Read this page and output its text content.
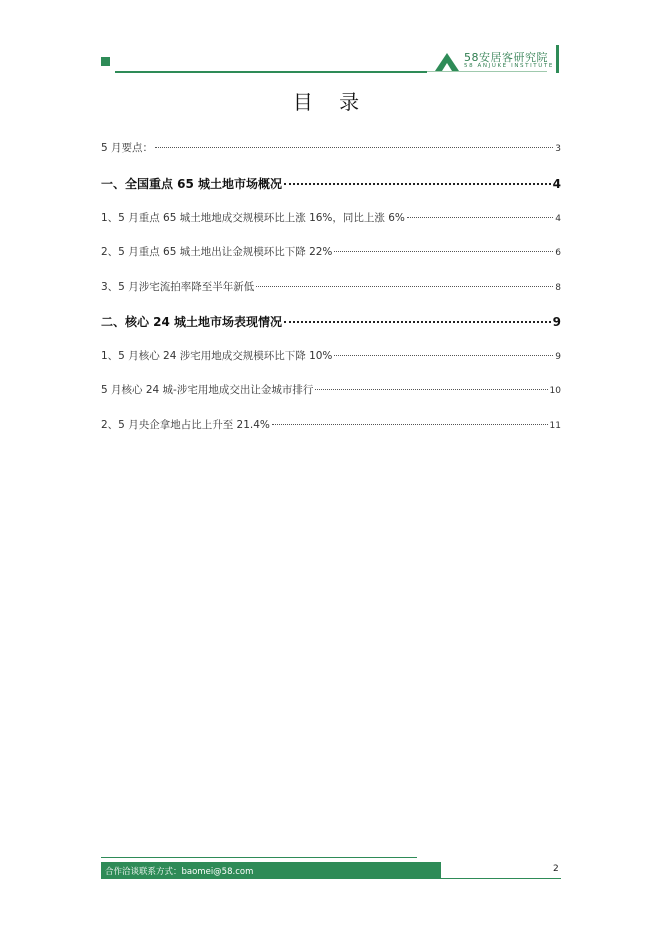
58安居客研究院
58 ANJUKE INSTITUTE
目 录
5 月要点：	3
一、全国重点 65 城土地市场概况	4
1、5 月重点 65 城土地地成交规模环比上涨 16%，同比上涨 6%	4
2、5 月重点 65 城土地出让金规模环比下降 22%	6
3、5 月涉宅流拍率降至半年新低	8
二、核心 24 城土地市场表现情况	9
1、5 月核心 24 涉宅用地成交规模环比下降 10%	9
5 月核心 24 城-涉宅用地成交出让金城市排行	10
2、5 月央企拿地占比上升至 21.4%	11
合作洽谈联系方式：baomei@58.com	2
